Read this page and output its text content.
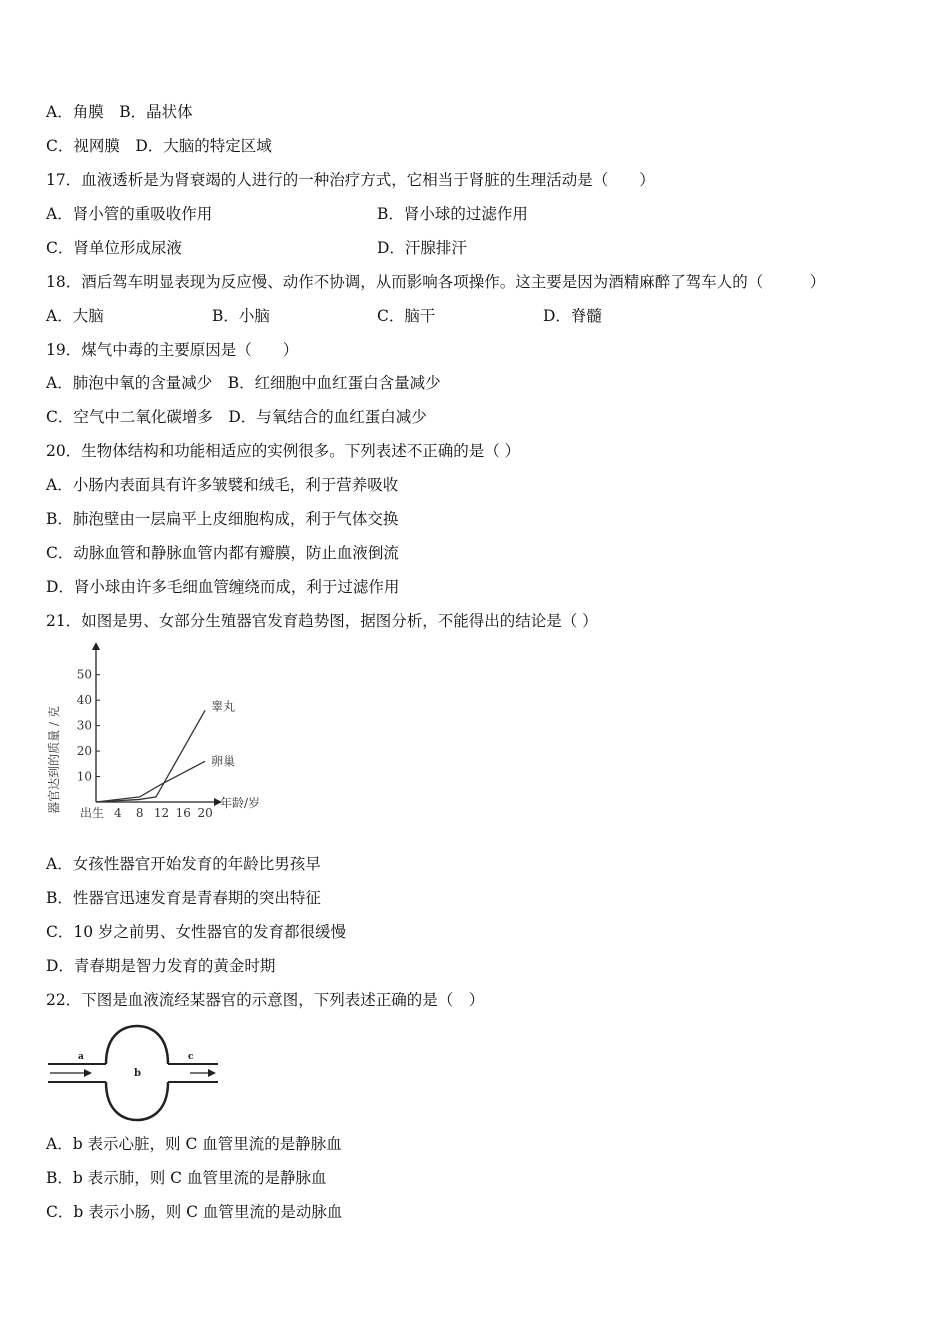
A．角膜　B．晶状体
C．视网膜　D．大脑的特定区域
17．血液透析是为肾衰竭的人进行的一种治疗方式，它相当于肾脏的生理活动是（　　）
A．肾小管的重吸收作用	B．肾小球的过滤作用
C．肾单位形成尿液	D．汗腺排汗
18．酒后驾车明显表现为反应慢、动作不协调，从而影响各项操作。这主要是因为酒精麻醉了驾车人的（　　　）
A．大脑	B．小脑	C．脑干	D．脊髓
19．煤气中毒的主要原因是（　　）
A．肺泡中氧的含量减少　B．红细胞中血红蛋白含量减少
C．空气中二氧化碳增多　D．与氧结合的血红蛋白减少
20．生物体结构和功能相适应的实例很多。下列表述不正确的是（ ）
A．小肠内表面具有许多皱襞和绒毛，利于营养吸收
B．肺泡壁由一层扁平上皮细胞构成，利于气体交换
C．动脉血管和静脉血管内都有瓣膜，防止血液倒流
D．肾小球由许多毛细血管缠绕而成，利于过滤作用
21．如图是男、女部分生殖器官发育趋势图，据图分析，不能得出的结论是（ ）
器官达到的质量 / 克 10
20
30
40
50
4 8 12 16 20
睾丸
卵巢
年龄/岁
出生
A．女孩性器官开始发育的年龄比男孩早
B．性器官迅速发育是青春期的突出特征
C．10 岁之前男、女性器官的发育都很缓慢
D．青春期是智力发育的黄金时期
22．下图是血液流经某器官的示意图，下列表述正确的是（　）
a
b
c
A．b 表示心脏，则 C 血管里流的是静脉血
B．b 表示肺，则 C 血管里流的是静脉血
C．b 表示小肠，则 C 血管里流的是动脉血
